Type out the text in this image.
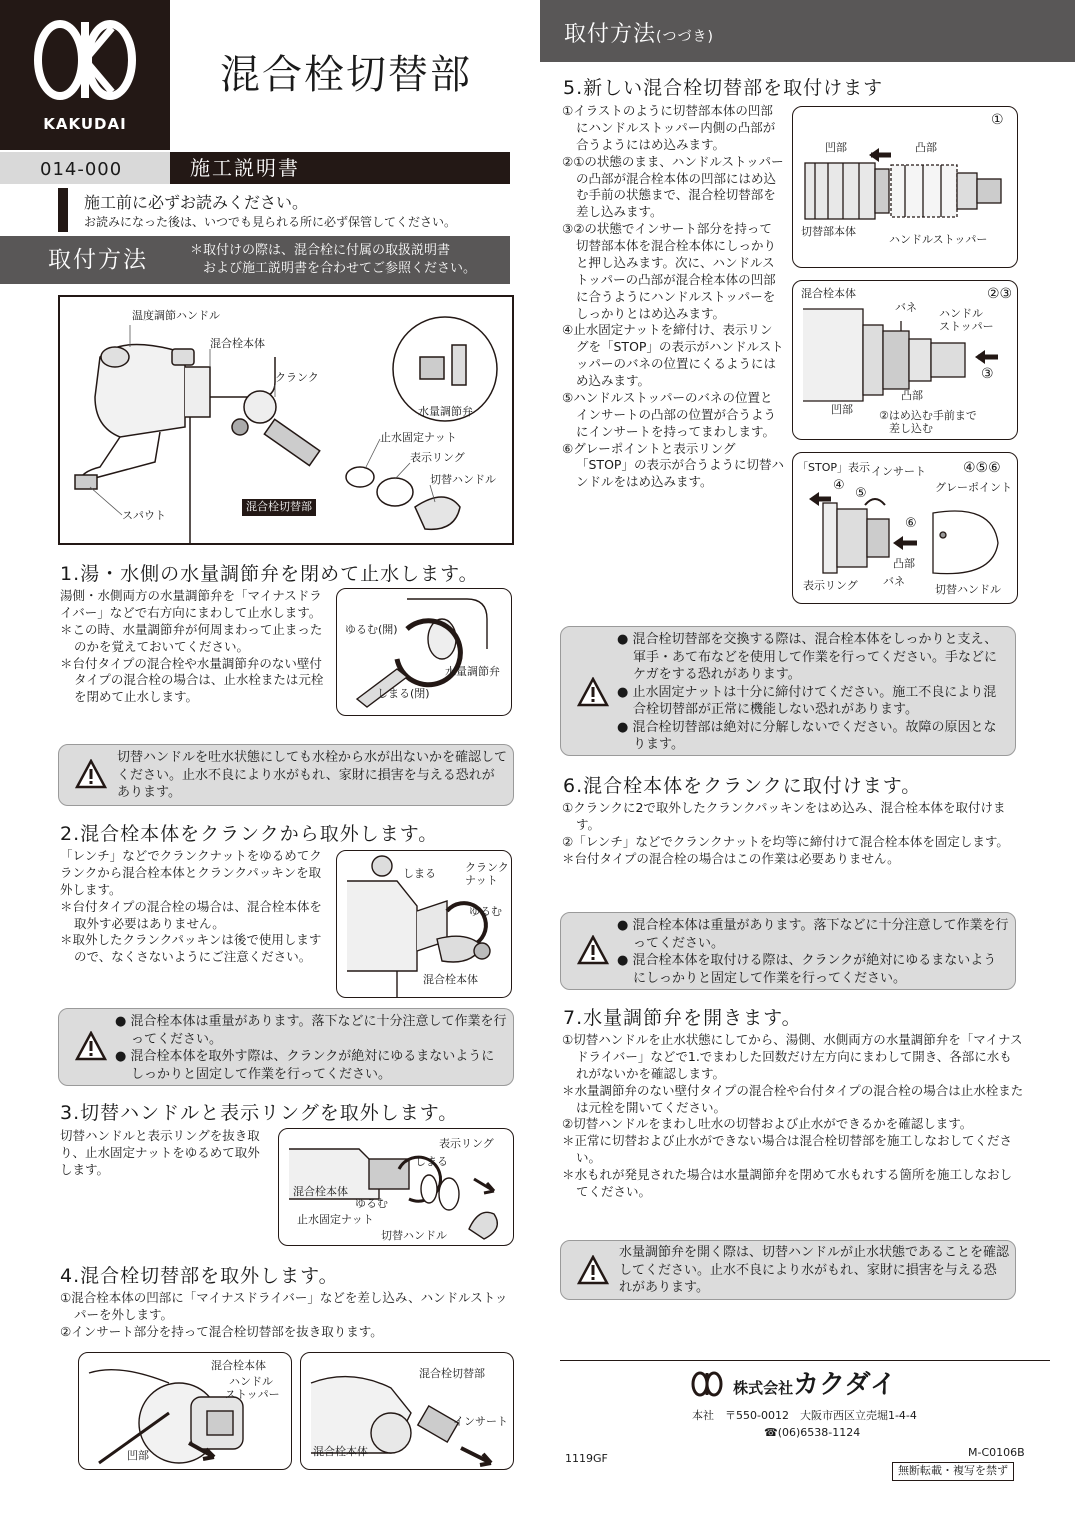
KAKUDAI
混合栓切替部
014-000	施工説明書
施工前に必ずお読みください。
お読みになった後は、いつでも見られる所に必ず保管してください。
取付方法	＊取付けの際は、混合栓に付属の取扱説明書
　および施工説明書を合わせてご参照ください。
温度調節ハンドル
混合栓本体
クランク
水量調節弁
止水固定ナット
表示リング
切替ハンドル
スパウト
混合栓切替部
1.湯・水側の水量調節弁を閉めて止水します。

湯側・水側両方の水量調節弁を「マイナスドライバー」などで右方向にまわして止水します。

＊この時、水量調節弁が何周まわって止まったのかを覚えておいてください。

＊台付タイプの混合栓や水量調節弁のない壁付タイプの混合栓の場合は、止水栓または元栓を閉めて止水します。

ゆるむ(開)
水量調節弁
しまる(閉)
切替ハンドルを吐水状態にしても水栓から水が出ないかを確認してください。止水不良により水がもれ、家財に損害を与える恐れがあります。
2.混合栓本体をクランクから取外します。

「レンチ」などでクランクナットをゆるめてクランクから混合栓本体とクランクパッキンを取外します。

＊台付タイプの混合栓の場合は、混合栓本体を取外す必要はありません。

＊取外したクランクパッキンは後で使用しますので、なくさないようにご注意ください。

しまる	クランク
ナット
ゆるむ
混合栓本体
● 混合栓本体は重量があります。落下などに十分注意して作業を行ってください。
● 混合栓本体を取外す際は、クランクが絶対にゆるまないようにしっかりと固定して作業を行ってください。
3.切替ハンドルと表示リングを取外します。
切替ハンドルと表示リングを抜き取り、止水固定ナットをゆるめて取外します。
表示リング
しまる
混合栓本体
ゆるむ
止水固定ナット
切替ハンドル
4.混合栓切替部を取外します。

①混合栓本体の凹部に「マイナスドライバー」などを差し込み、ハンドルストッパーを外します。

②インサート部分を持って混合栓切替部を抜き取ります。

混合栓本体
ハンドル
ストッパー
凹部
混合栓切替部
インサート
混合栓本体
取付方法(つづき)
5.新しい混合栓切替部を取付けます

①イラストのように切替部本体の凹部にハンドルストッパー内側の凸部が合うようにはめ込みます。

②①の状態のまま、ハンドルストッパーの凸部が混合栓本体の凹部にはめ込む手前の状態まで、混合栓切替部を差し込みます。

③②の状態でインサート部分を持って切替部本体を混合栓本体にしっかりと押し込みます。次に、ハンドルストッパーの凸部が混合栓本体の凹部に合うようにハンドルストッパーをしっかりとはめ込みます。

④止水固定ナットを締付け、表示リングを「STOP」の表示がハンドルストッパーのバネの位置にくるようにはめ込みます。

⑤ハンドルストッパーのバネの位置とインサートの凸部の位置が合うようにインサートを持ってまわします。

⑥グレーポイントと表示リング「STOP」の表示が合うように切替ハンドルをはめ込みます。

①
凹部	凸部
切替部本体
ハンドルストッパー
②③
混合栓本体
バネ ハンドル
ストッパー
③
凸部
凹部 ②はめ込む手前まで
差し込む
④⑤⑥
「STOP」表示 インサート
④
⑤	グレーポイント
⑥
凸部
表示リング バネ
切替ハンドル
● 混合栓切替部を交換する際は、混合栓本体をしっかりと支え、軍手・あて布などを使用して作業を行ってください。手などにケガをする恐れがあります。
● 止水固定ナットは十分に締付けてください。施工不良により混合栓切替部が正常に機能しない恐れがあります。
● 混合栓切替部は絶対に分解しないでください。故障の原因となります。
6.混合栓本体をクランクに取付けます。

①クランクに2で取外したクランクパッキンをはめ込み、混合栓本体を取付けます。

②「レンチ」などでクランクナットを均等に締付けて混合栓本体を固定します。

＊台付タイプの混合栓の場合はこの作業は必要ありません。

● 混合栓本体は重量があります。落下などに十分注意して作業を行ってください。
● 混合栓本体を取付ける際は、クランクが絶対にゆるまないようにしっかりと固定して作業を行ってください。
7.水量調節弁を開きます。

①切替ハンドルを止水状態にしてから、湯側、水側両方の水量調節弁を「マイナスドライバー」などで1.でまわした回数だけ左方向にまわして開き、各部に水もれがないかを確認します。

＊水量調節弁のない壁付タイプの混合栓や台付タイプの混合栓の場合は止水栓または元栓を開いてください。

②切替ハンドルをまわし吐水の切替および止水ができるかを確認します。

＊正常に切替および止水ができない場合は混合栓切替部を施工しなおしてください。

＊水もれが発見された場合は水量調節弁を閉めて水もれする箇所を施工しなおしてください。

水量調節弁を開く際は、切替ハンドルが止水状態であることを確認してください。止水不良により水がもれ、家財に損害を与える恐れがあります。
株式会社カクダイ
本社　〒550-0012　大阪市西区立売堀1-4-4
☎(06)6538-1124
1119GF	M-C0106B
無断転載・複写を禁ず
